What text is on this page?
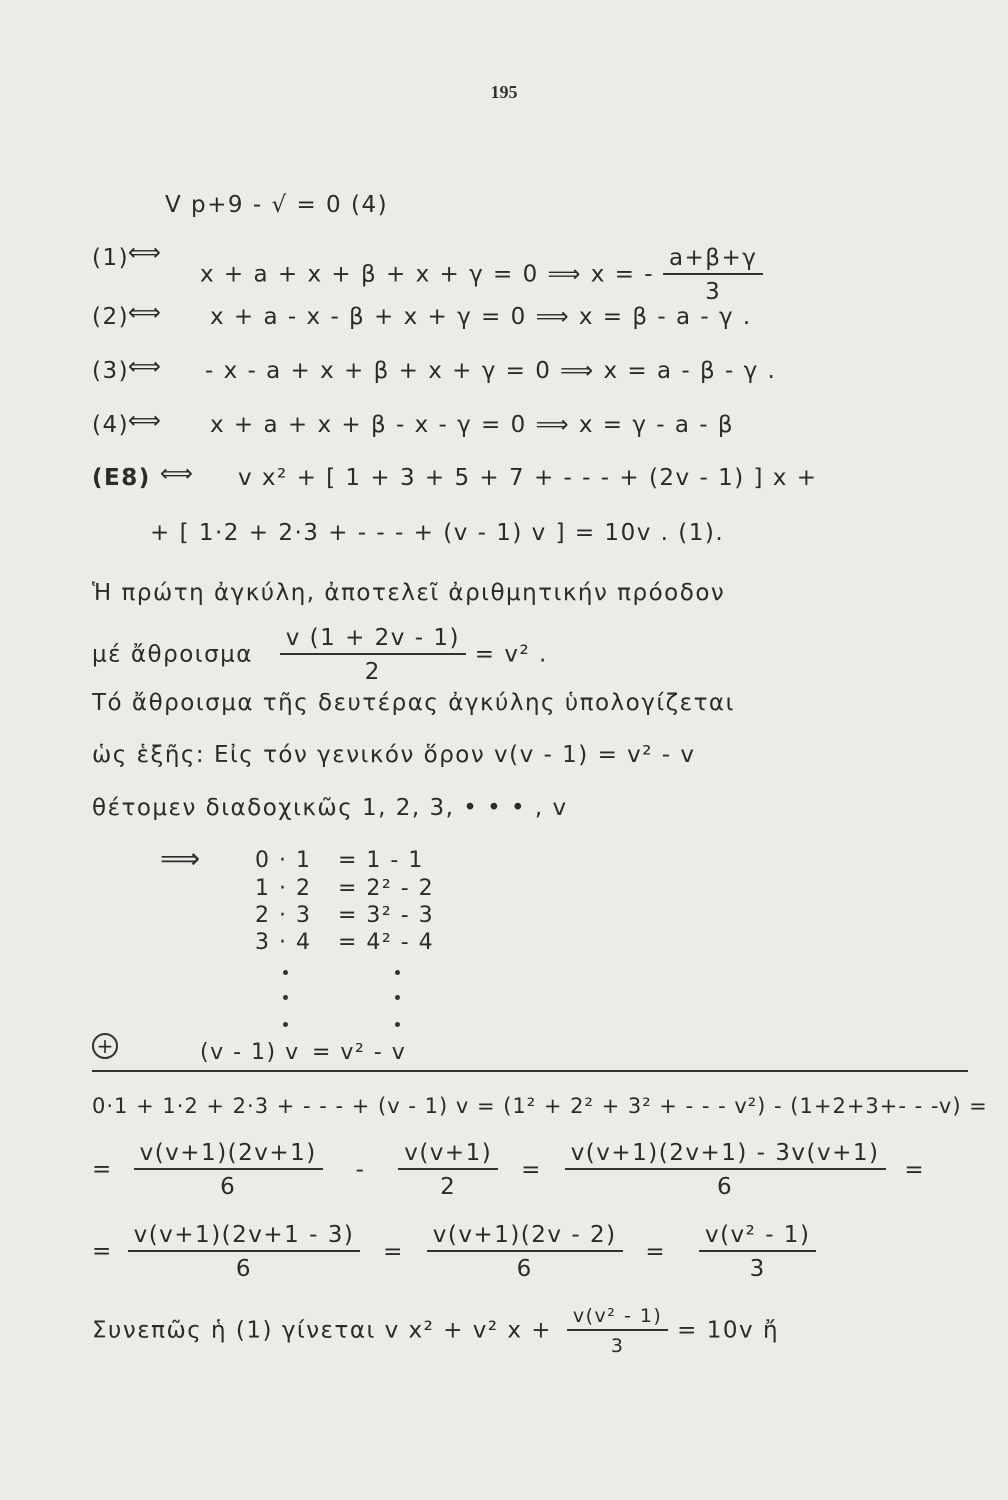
195
V p+9 - √ = 0 (4)
(1)
⟺
x + a + x + β + x + γ = 0 ⟹ x = - $\frac{a+\beta+\gamma}{3}$
(2)
⟺ x + a - x - β + x + γ = 0 ⟹ x = β - a - γ .
(3)
⟺ - x - a + x + β + x + γ = 0 ⟹ x = a - β - γ .
(4)
⟺ x + a + x + β - x - γ = 0 ⟹ x = γ - a - β
(E8) ⟺ v x² + [ 1 + 3 + 5 + 7 + - - - + (2v - 1) ] x +
+ [ 1·2 + 2·3 + - - - + (v - 1) v ] = 10v . (1).
Ἡ πρώτη ἀγκύλη, ἀποτελεῖ ἀριθμητικήν πρόοδον
μέ ἄθροισμα $\frac{v (1 + 2v - 1)}{2} = v^2$ .
Τό ἄθροισμα τῆς δευτέρας ἀγκύλης ὑπολογίζεται
ὡς ἑξῆς: Εἰς τόν γενικόν ὅρον v(v - 1) = v² - v
θέτομεν διαδοχικῶς 1, 2, 3, • • • , v
⟹ 0 · 1
1 · 2
2 · 3
3 · 4
= 1 - 1
= 2² - 2
= 3² - 3
= 4² - 4
+	(v - 1) v = v² - v
0·1 + 1·2 + 2·3 + - - - + (v - 1) v = (1² + 2² + 3² + - - - v²) - (1+2+3+- - -v) =
= $\frac{v(v+1)(2v+1)}{6} - \frac{v(v+1)}{2} = \frac{v(v+1)(2v+1) - 3v(v+1)}{6}$ =
= $\frac{v(v+1)(2v+1 - 3)}{6} = \frac{v(v+1)(2v - 2)}{6} = \frac{\text{v(v² - 1)}}{3}$
Συνεπῶς ἡ (1) γίνεται v x² + v² $x + \frac{\text{v(v² - 1)}}{3} = 10v$ ἤ
